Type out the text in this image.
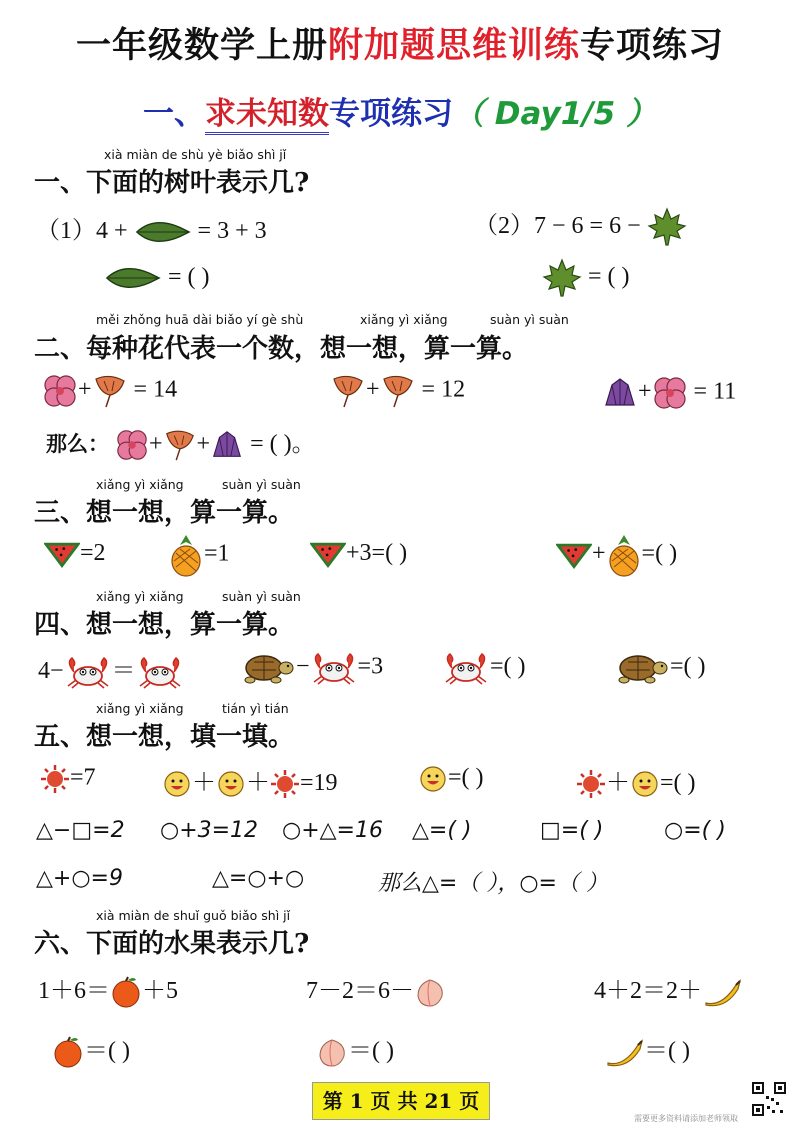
一年级数学上册附加题思维训练专项练习
一、求未知数专项练习（ Day1/5 ）
xià miàn de shù yè biǎo shì jǐ
一、下面的树叶表示几?
（1）4 +	= 3 + 3	（2）7 − 6 = 6 −
= ( )	= ( )
měi zhǒng huā dài biǎo yí gè shù	xiǎng yì xiǎng	suàn yì suàn
二、每种花代表一个数，想一想，算一算。
+ = 14	+ = 12	+ = 11
那么： + + = ( )。
xiǎng yì xiǎng	suàn yì suàn
三、想一想，算一算。
=2	=1	+3=( )	+ =( )
xiǎng yì xiǎng	suàn yì suàn
四、想一想，算一算。
4− ＝	− =3	=( )	=( )
xiǎng yì xiǎng	tián yì tián
五、想一想，填一填。
=7	＋ ＋ =19	=( )	＋ =( )
△−□=2 ○+3=12 ○+△=16 △=( )	□=( )	○=( )
△+○=9	△=○+○	那么△=（ ），○=（ ）
xià miàn de shuǐ guǒ biǎo shì jǐ
六、下面的水果表示几?
1＋6＝ ＋5	7－2＝6－	4＋2＝2＋
＝( )	＝( )	＝( )
第 1 页 共 21 页
需要更多资料请添加老师领取
